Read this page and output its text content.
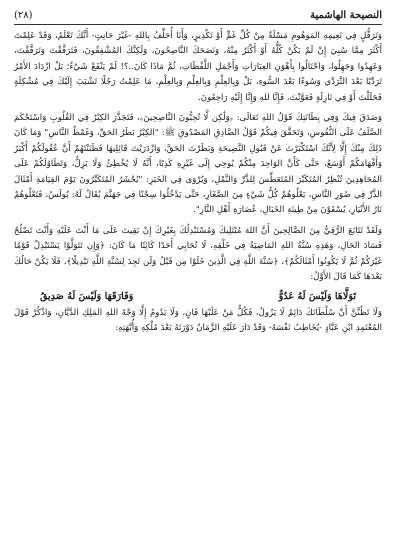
النصيحة الهاشمية
(٢٨)

وَتَرَقُّلٍ فِي نَعِيمِهِ المَوهُومِ مَسْلَةٌ مِنْ كُلِّ غَمٍّ أَوْ تَكْدِيرٍ، وَأَنَا أُحَلِّفُ بِاللهِ -غَيْرَ حَانِثٍ- أَنَّكَ تَعْلَمُ، وَقَدْ عَلِمْتَ أَكْثَرَ مِمَّا سُبِيَ إِنْ لَمْ يَكُنْ كُلُّهُ أَوْ أَكْثَرُ مِنْهُ، وَنَصَحَكَ النَّاصِحُونَ، وَلَكِنَّكَ المُشْفِقُونَ، فَتَرَفَّقْتَ وَتَرَقَّقْتَ، وَعَهِدُوا وَجَهِلُوا، وَاحْتَالُوا بِأَهْوَنِ العِبَارَاتِ وَأَجْمَلِ اللَّفْظَاتِ، ثُمَّ مَاذَا كَانَ..؟! لَمْ يَنْفَعْ شَيْءٌ؛ بَلْ ازْدَادَ الأَمْرُ تَرَدِّيًا بَعْدَ التَّرَدِّي وَسُوءًا بَعْدَ السُّوءِ، بَلْ وَبِالعِلْمِ وَبِالعِلْمِ وَبِالعِلْمِ، مَا عَلِمْتُ رَجُلًا تَشْبَبَ إِلَيْكَ فِي مُشْكِلَةٍ فَحَلَلْتَ أَوْ فِي نَازِلَةٍ فَعَوَّنْتَ، فَإِنَّا للهِ وَإِنَّا إِلَيْهِ رَاجِعُونَ.

وَصَدَقَ فِيكَ وَفِي بِطَانَتِكَ قَوْلُ اللهِ تَعَالَى: ﴿وَلَٰكِن لَّا تُحِبُّونَ النَّاصِحِينَ﴾، فَتَجَذَّرَ الكِبْرُ فِي القُلُوبِ وَاسْتَحْكَمَ الصَّلَفُ عَلَى النُّفُوسِ، وَتَحَقَّقَ فِيكُمْ قَوْلُ الصَّادِقِ المَصْدُوقِ ﷺ: "الكِبْرُ بَطَرُ الحَقِّ، وَغَمْطُ النَّاسِ" وَمَا كَانَ ذَلِكَ مِنْكَ إِلَّا لِأَنَّكَ اسْتَكْبَرْتَ عَنْ قَبُولِ النَّصِيحَةِ وَبَطَرْتَ الحَقَّ، وَازْدَرَيْتَ قَائِلِيهَا فَظَنَنْتَهُمْ أَنَّ عُقُولَكُمْ أَكْبَرُ وَأَفْهَامَكُمْ أَوْسَعُ، حَتَّى كَأَنَّ الوَاحِدَ مِنْكُمْ يُوحِي إِلَى غَيْرِهِ كَذِبًا، أَنَّهُ لَا يُخْطِئُ وَلَا يَزِلُّ، وَتَطَاوُلَكُمْ عَلَى المُجَاهِدِينَ تُنْظِرُ المُتَكَبِّرَ المُتَعَطِّسَ لِلذَّرِّ وَالنَّمْلِ، وَيُرْوَى فِي الخَبَرِ: "يُحْشَرُ المُتَكَبِّرُونَ يَوْمَ القِيَامَةِ أَمْثَالَ الذَّرِّ فِي صُوَرِ النَّاسِ، يَعْلُوهُمْ كُلُّ شَيْءٍ مِنَ الصَّغَارِ، حَتَّى يَدْخُلُوا سِجْنًا فِي جَهَنَّمَ يُقَالُ لَهُ: بُولَسُ، فَتَعْلُوهُمْ نَارُ الأَنْيَارِ، يُسْقَوْنَ مِنْ طِينَةِ الخَبَالِ، عُصَارَةِ أَهْلِ النَّارِ".

وَلَقَدْ تَتَابَعَ الرُّقِيُّ مِنَ الصَّالِحِينَ أَنَّ اللهَ مُبْتَلِيكَ وَمُسْتَبْدِلُكَ بِغَيْرِكَ إِنْ بَقِيتَ عَلَى مَا أَنْتَ عَلَيْهِ وَأَنْتَ تَصْلُحُ فَسَادَ الحَالِ، وَهَذِهِ سُنَّةُ اللهِ المَاضِيَةُ فِي خَلْقِهِ، لَا تُحَابِي أَحَدًا كَائِنًا مَا كَانَ: ﴿وَإِن تَتَوَلَّوْا يَسْتَبْدِلْ قَوْمًا غَيْرَكُمْ ثُمَّ لَا يَكُونُوا أَمْثَالَكُمْ﴾، ﴿سُنَّةَ اللَّهِ فِي الَّذِينَ خَلَوْا مِن قَبْلُ وَلَن تَجِدَ لِسُنَّةِ اللَّهِ تَبْدِيلًا﴾، فَلَا يَكُنْ حَالُكَ بَعْدَهَا كَمَا قَالَ الأَوَّلُ:

تَوَلَّاهَا وَلَيْسَ لَهُ عَدُوٌّ
وَفَارَقَهَا وَلَيْسَ لَهُ صَدِيقُ

وَلَا تَظُنَّنَّ أَنَّ سُلْطَانَكَ دَائِمٌ لَا يَزُولُ، فَكُلُّ مَنْ عَلَيْهَا فَانٍ، وَلَا يَدُومُ إِلَّا وَجْهُ اللهِ المَلِكِ الدَّيَّانِ، وَاذْكُرْ قَوْلَ المُعْتَمِدِ ابْنِ عَبَّادٍ -يُخَاطِبُ نَفْسَهُ- وَقَدْ دَارَ عَلَيْهِ الزَّمَانُ دَوْرَتَهُ بَعْدَ مُلْكِهِ وَأُبَّهَتِهِ:
